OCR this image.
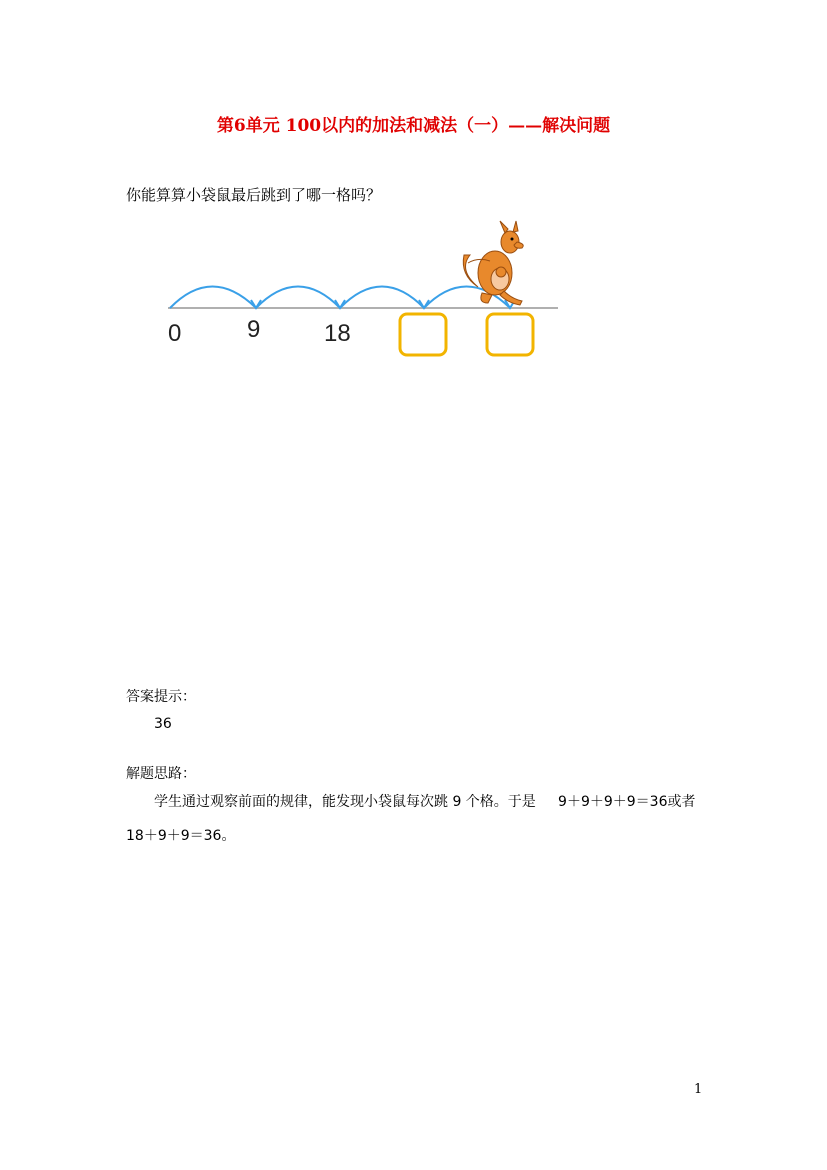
第6单元 100以内的加法和减法（一）——解决问题
你能算算小袋鼠最后跳到了哪一格吗？
0	9	18
答案提示：
36
解题思路：
学生通过观察前面的规律，能发现小袋鼠每次跳 9 个格。于是     9＋9＋9＋9＝36或者
18＋9＋9＝36。
1
